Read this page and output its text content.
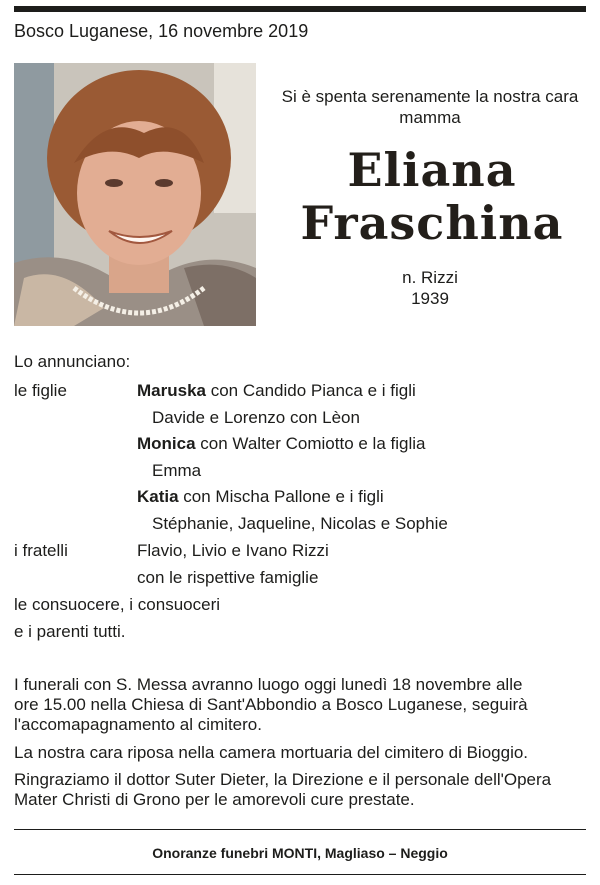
Bosco Luganese, 16 novembre 2019
Si è spenta serenamente la nostra cara mamma
Eliana
Fraschina
n. Rizzi
1939
Lo annunciano:
le figlie	Maruska con Candido Pianca e i figli
Davide e Lorenzo con Lèon
Monica con Walter Comiotto e la figlia
Emma
Katia con Mischa Pallone e i figli
Stéphanie, Jaqueline, Nicolas e Sophie
i fratelli	Flavio, Livio e Ivano Rizzi
con le rispettive famiglie
le consuocere, i consuoceri
e i parenti tutti.
I funerali con S. Messa avranno luogo oggi lunedì 18 novembre alle ore 15.00 nella Chiesa di Sant'Abbondio a Bosco Luganese, seguirà l'accomapagnamento al cimitero.
La nostra cara riposa nella camera mortuaria del cimitero di Bioggio.
Ringraziamo il dottor Suter Dieter, la Direzione e il personale dell'Opera Mater Christi di Grono per le amorevoli cure prestate.
Onoranze funebri MONTI, Magliaso – Neggio
